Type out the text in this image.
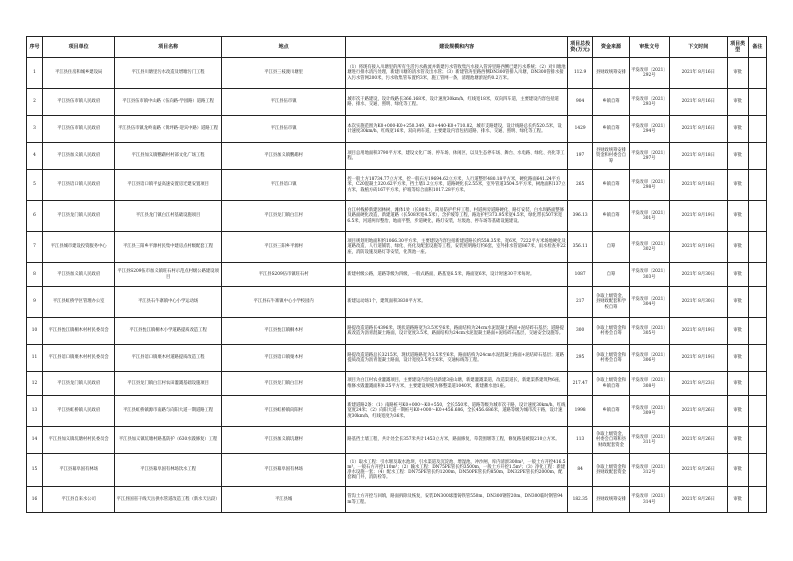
序号	项目单位	项目名称	地点	建设规模和内容	项目总投资(万元)	资金来源	审批文号	下文时间	项目类型	备注
1	平江县住房和城乡建设局	平江县川塘里污水改造及增塘污门工程	平江县三枝渡川塘里	（1）将现有接入川塘里的所有生活污水截流并新建污水管收集污水接入管涛里路西侧已建污水系统；（2）对川塘池塘进行排水清污处理，新建川塘的清水管及出水管；（3）新建管涛里路西侧DN300管排入川塘，DN300管排水接入污水管网200米，污水收集管布置约3米，施工管网一条，清理池塘淤泥约0.2万米。	112.9	县财政统筹安排	平发改审〔2021〕292号	2021年 8月16日	审批	
2	平江县伍市镇人民政府	平江县伍市镇中山路（伍向路-学园路）道路工程	平江县伍市镇	城市次干路建设，设计线路长366.168米，设计速度30km/h，红线宽18米，双向四车道，主要建设内容包括道路、排水、交通、照明、绿化等工程。	904	乡镇自筹	平发改审〔2021〕293号	2021年 8月16日	审批	
3	平江县伍市镇人民政府	平江县伍市镇龙岭南路（黄坪路-迎宾中路）道路工程	平江县伍市镇	本次实施范围为K0+000-K0+250.349、K0+440-K0+710.82，城市支路建设，设计线路总长约520.5米，设计速度30km/h，红线宽16米，双向两车道，主要建设内容包括道路、排水、交通、照明、绿化等工程。	1429	乡镇自筹	平发改审〔2021〕294号	2021年 8月16日	审批	
4	平江县加义镇人民政府	平江县加义镇鹦鹉村村部文化广场工程	平江县加义镇鹦鹉村	项目总用地面积3790平方米，建设文化广场、停车场、休闲区，以及生态停车场、舞台、水电路、绿化、亮化等工程。	197	县财政统筹安排资金和村委会自筹	平发改审〔2021〕297号	2021年 8月18日	审批	
5	平江县谙口镇人民政府	平江县谙口镇平益高速安置房迁建安置项目	平江县谙口镇	控一般土方18734.77立方米，挖一般石方19694.62立方米，人行道整形480.18平方米，硬化路面641.24平方米，C20混凝土320.62平方米，挡土墙1.2立方米，道路硬化长2.55米，室外管道3504.5平方米，树池面积137立方米，栽植方砖167平方米，护坡等综合面积1017.28平方米。	265	乡镇自筹	平发改审〔2021〕298号	2021年 8月18日	审批	
6	平江县龙门镇人民政府	平江县龙门镇白江村基础设施项目	平江县龙门镇白江村	白江村栈桥新建园林树，滩体1处（长80米），简易防护栏杆工程、村道两旁道路硬化、路灯安装、白水坝路面整修及路面硬化改造，新建道路（长508米宽4.5米），含护坡等工程，路边护栏373.95米宽4.5米，绿化带长507米宽6.5米，河道两岸整治，地面平整，步道硬化，路灯安装，垃圾池、停车场等基础设施建设。	396.13	乡镇自筹	平发改审〔2021〕301号	2021年 8月19日	审批	
7	平江县城市建设投资服务中心	平江县三阳乡平源村民集中建房点村级配套工程	平江县三阳乡平源村	项目规划用地面积约1066.30平方米，主要建设内容包括新建道路长约558.35米，宽6米，7222平方米场地硬化及道路改造、人行道铺装、绿化、亮化及配套设施等工程，安装照明路灯约6套，室外排水管道867米，雨水检查井22座，消防设施及路灯等安装，化粪池一座。	356.11	自筹	平发改审〔2021〕302号	2021年 8月19日	审批	
8	平江县加义镇人民政府	平江县S209伍市加义镇旺石村示范点村级公路建设项目	平江县S209伍市镇旺石村	新建村级公路，道路等级为四级，一般式路面，路基宽6.5米，路面宽6米，设计时速30千米每时。	1087	自筹	平发改审〔2021〕303号	2021年 8月30日	审批	
9	平江县虹桥学区管理办公室	平江县石牛寨镇中心小学运动场	平江县石牛寨镇中心小学校园内	新建运动场1个，建筑面积3830平方米。	217	争取上级资金、县财政配套和学校自筹	平发改审〔2021〕304号	2021年 8月30日	审批	
10	平江县瓮江镇桐木村村民委员会	平江县瓮江镇桐木小学道路提质改造工程	平江县瓮江镇桐木村	路提改造道路长4396米，现状道路路宽为3.5米至6米，路面结构为24cm水泥混凝土路面+泥结碎石基层；道路提质改造为沥青混凝土路面，设计宽度3.5米，路面结构为24cm水泥混凝土路面+泥结碎石基层，交通安全设施等。	300	争取上级资金和村委会自筹	平发改审〔2021〕305号	2021年 8月19日	审批	
11	平江县谙口镇栗木村村民委员会	平江县谙口镇栗木村道路提质改造工程	平江县谙口镇栗木村	路提改造道路总长3215米，现状道路路宽为3.5米至6米，路面结构为24cm水泥混凝土路面+泥结碎石基层；道路提质改造为沥青混凝土路面，设计宽度3.5米至6米，交通标线等工程。	295	争取上级资金和村委会自筹	平发改审〔2021〕306号	2021年 8月19日	审批	
12	平江县龙门镇人民政府	平江县龙门镇白江村农田灌溉基础设施项目	平江县龙门镇白江村	项目为白江村农业灌溉项目，主要建设内容包括新建3座山塘，新建灌溉渠道，改造渠道长，新建渠系建筑物6座，维修水毁灌溉面积0.25平方米，主要建设规模为修整渠道1040米，新建蓄水池1座。	217.47	争取上级资金和乡镇自筹	平发改审〔2021〕308号	2021年 8月23日	审批	
13	平江县虹桥镇人民政府	平江县虹桥镇源市南路与向阳大道一期道路工程	平江县虹桥镇向阳村	新建道路2条：（1）南路桩号K0+000～K0+550，全长550米，道路等级为城市次干路，设计速度30km/h，红线宽度24米；（2）向阳大道一期桩号K0+000～K0+456.686，全长456.686米，道路等级为城市次干路，设计速度30km/h，红线宽度为36米。	1998	乡镇自筹	平发改审〔2021〕309号	2021年 8月26日	审批	
14	平江县加义镇坑塘村村民委员会	平江县加义镇坑塘村路基防护（630水毁修复）工程	平江县加义镇坑塘村	路基挡土墙工程，共计处全长357米共计1453立方米，路面修复、草袋围堰等工程，修复路基被毁210立方米。	113	争取上级资金、村委会自筹和县财政配套资金	平发改审〔2021〕311号	2021年 8月26日	审批	
15	平江县幕阜国有林场	平江县幕阜国有林场饮水工程	平江县幕阜国有林场	（1）取水工程：引水堰及取水池坝，引水渠道及沉淀池、增湿池、冲沙闸，库内清淤300m³，一般土方开挖416.5m³，一般石方开挖110m³；（2）输水工程：DN75PE管长约3500m，一般土方开挖1.5m³；（3）净化工程：新建净水设施一套；（4）配水工程：DN75PE管长约1200m，DN50PE管长约850m，DN32PE管长约2000m，配套阀门井，消防栓等。	84	争取上级资金和县财政配套资金	平发改审〔2021〕312号	2021年 8月26日	审批	
16	平江县自来水公司	平江县国省干线天岳供水管道改造工程（新水天岳段）	平江县城	管沟土方开挖与回填，路面拆除及恢复，安装DN300球墨铸铁管550m，DN300钢管20m，DN300临时钢管94m等工程。	182.35	县财政统筹安排	平发改审〔2021〕314号	2021年 8月26日	审批	
